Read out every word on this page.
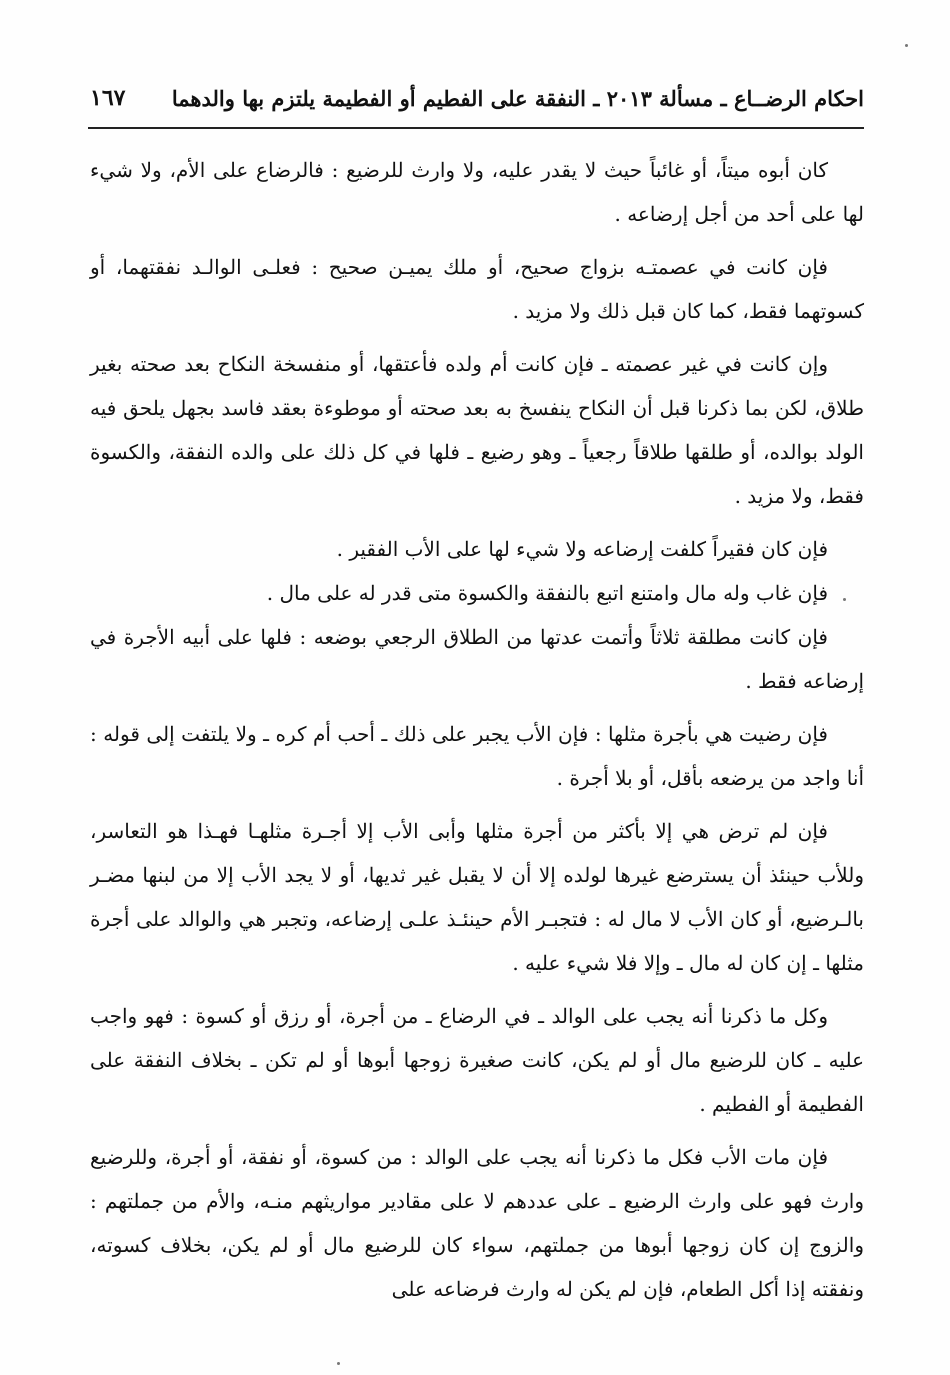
احكام الرضــاع ـ مسألة ٢٠١٣ ـ النفقة على الفطيم أو الفطيمة يلتزم بها والدهما
١٦٧

كان أبوه ميتاً، أو غائباً حيث لا يقدر عليه، ولا وارث للرضيع : فالرضاع على الأم، ولا شيء لها على أحد من أجل إرضاعه .

فإن كانت في عصمتـه بزواج صحيح، أو ملك يميـن صحيح : فعلـى الوالـد نفقتهما، أو كسوتهما فقط، كما كان قبل ذلك ولا مزيد .

وإن كانت في غير عصمته ـ فإن كانت أم ولده فأعتقها، أو منفسخة النكاح بعد صحته بغير طلاق، لكن بما ذكرنا قبل أن النكاح ينفسخ به بعد صحته أو موطوءة بعقد فاسد بجهل يلحق فيه الولد بوالده، أو طلقها طلاقاً رجعياً ـ وهو رضيع ـ فلها في كل ذلك على والده النفقة، والكسوة فقط، ولا مزيد .

فإن كان فقيراً كلفت إرضاعه ولا شيء لها على الأب الفقير .

فإن غاب وله مال وامتنع اتبع بالنفقة والكسوة متى قدر له على مال .

فإن كانت مطلقة ثلاثاً وأتمت عدتها من الطلاق الرجعي بوضعه : فلها على أبيه الأجرة في إرضاعه فقط .

فإن رضيت هي بأجرة مثلها : فإن الأب يجبر على ذلك ـ أحب أم كره ـ ولا يلتفت إلى قوله : أنا واجد من يرضعه بأقل، أو بلا أجرة .

فإن لم ترض هي إلا بأكثر من أجرة مثلها وأبى الأب إلا أجـرة مثلهـا فهـذا هو التعاسر، وللأب حينئذ أن يسترضع غيرها لولده إلا أن لا يقبل غير ثديها، أو لا يجد الأب إلا من لبنها مضـر بالـرضيع، أو كان الأب لا مال له : فتجبـر الأم حينئـذ علـى إرضاعه، وتجبر هي والوالد على أجرة مثلها ـ إن كان له مال ـ وإلا فلا شيء عليه .

وكل ما ذكرنا أنه يجب على الوالد ـ في الرضاع ـ من أجرة، أو رزق أو كسوة : فهو واجب عليه ـ كان للرضيع مال أو لم يكن، كانت صغيرة زوجها أبوها أو لم تكن ـ بخلاف النفقة على الفطيمة أو الفطيم .

فإن مات الأب فكل ما ذكرنا أنه يجب على الوالد : من كسوة، أو نفقة، أو أجرة، وللرضيع وارث فهو على وارث الرضيع ـ على عددهم لا على مقادير مواريثهم منـه، والأم من جملتهم : والزوج إن كان زوجها أبوها من جملتهم، سواء كان للرضيع مال أو لم يكن، بخلاف كسوته، ونفقته إذا أكل الطعام، فإن لم يكن له وارث فرضاعه على
